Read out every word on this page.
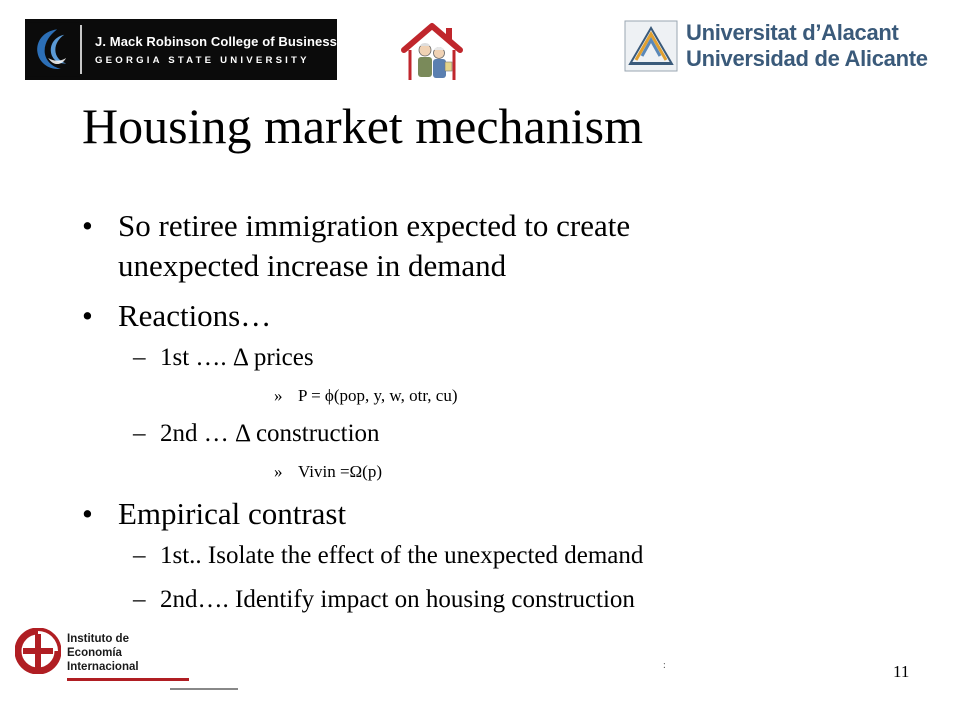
J. Mack Robinson College of Business
GEORGIA STATE UNIVERSITY
Universitat d’Alacant
Universidad de Alicante
Housing market mechanism
• So retiree immigration expected to create
unexpected increase in demand
• Reactions…
– 1st …. Δ prices
» P = ϕ(pop, y, w, otr, cu)
– 2nd … Δ construction
» Vivin =Ω(p)
• Empirical contrast
– 1st.. Isolate the effect of the unexpected demand
– 2nd…. Identify impact on housing construction
Instituto de
Economía
Internacional	:	11
